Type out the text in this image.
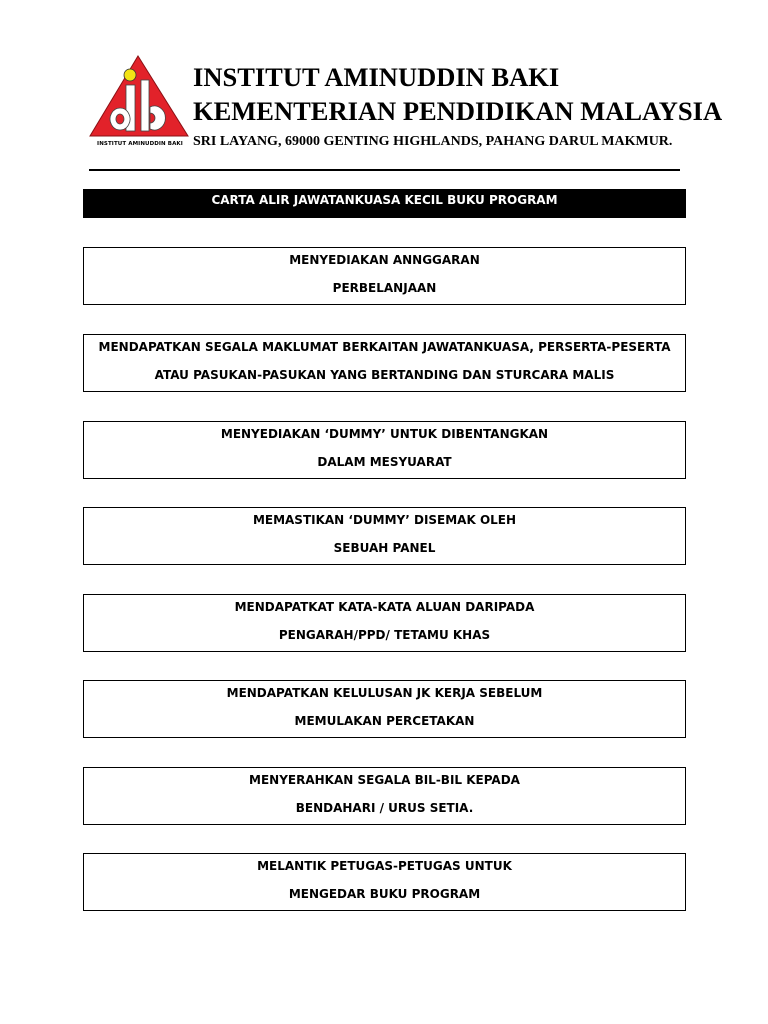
INSTITUT AMINUDDIN BAKI
INSTITUT AMINUDDIN BAKI
KEMENTERIAN PENDIDIKAN MALAYSIA
SRI LAYANG, 69000 GENTING HIGHLANDS, PAHANG DARUL MAKMUR.
CARTA ALIR JAWATANKUASA KECIL BUKU PROGRAM
MENYEDIAKAN ANNGGARAN
PERBELANJAAN
MENDAPATKAN SEGALA MAKLUMAT BERKAITAN JAWATANKUASA, PERSERTA-PESERTA
ATAU PASUKAN-PASUKAN YANG BERTANDING DAN STURCARA MALIS
MENYEDIAKAN ‘DUMMY’ UNTUK DIBENTANGKAN
DALAM MESYUARAT
MEMASTIKAN ‘DUMMY’ DISEMAK OLEH
SEBUAH PANEL
MENDAPATKAT KATA-KATA ALUAN DARIPADA
PENGARAH/PPD/ TETAMU KHAS
MENDAPATKAN KELULUSAN JK KERJA SEBELUM
MEMULAKAN PERCETAKAN
MENYERAHKAN SEGALA BIL-BIL KEPADA
BENDAHARI / URUS SETIA.
MELANTIK PETUGAS-PETUGAS UNTUK
MENGEDAR BUKU PROGRAM
